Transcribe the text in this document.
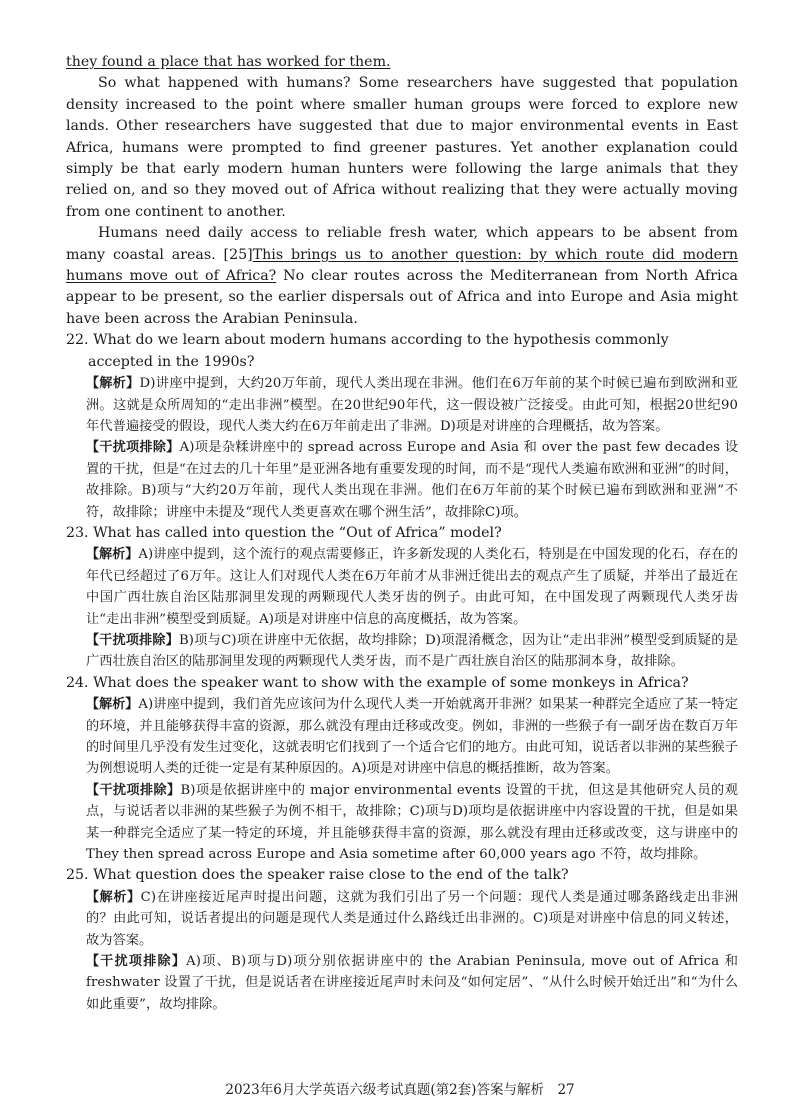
they found a place that has worked for them.

So what happened with humans? Some researchers have suggested that population density increased to the point where smaller human groups were forced to explore new lands. Other researchers have suggested that due to major environmental events in East Africa, humans were prompted to find greener pastures. Yet another explanation could simply be that early modern human hunters were following the large animals that they relied on, and so they moved out of Africa without realizing that they were actually moving from one continent to another.

Humans need daily access to reliable fresh water, which appears to be absent from many coastal areas. [25]This brings us to another question: by which route did modern humans move out of Africa? No clear routes across the Mediterranean from North Africa appear to be present, so the earlier dispersals out of Africa and into Europe and Asia might have been across the Arabian Peninsula.

22. What do we learn about modern humans according to the hypothesis commonly accepted in the 1990s?

【解析】D)讲座中提到，大约20万年前，现代人类出现在非洲。他们在6万年前的某个时候已遍布到欧洲和亚洲。这就是众所周知的“走出非洲”模型。在20世纪90年代，这一假设被广泛接受。由此可知，根据20世纪90年代普遍接受的假设，现代人类大约在6万年前走出了非洲。D)项是对讲座的合理概括，故为答案。

【干扰项排除】A)项是杂糅讲座中的 spread across Europe and Asia 和 over the past few decades 设置的干扰，但是“在过去的几十年里”是亚洲各地有重要发现的时间，而不是“现代人类遍布欧洲和亚洲”的时间，故排除。B)项与“大约20万年前，现代人类出现在非洲。他们在6万年前的某个时候已遍布到欧洲和亚洲”不符，故排除；讲座中未提及“现代人类更喜欢在哪个洲生活”，故排除C)项。

23. What has called into question the “Out of Africa” model?

【解析】A)讲座中提到，这个流行的观点需要修正，许多新发现的人类化石，特别是在中国发现的化石，存在的年代已经超过了6万年。这让人们对现代人类在6万年前才从非洲迁徙出去的观点产生了质疑，并举出了最近在中国广西壮族自治区陆那洞里发现的两颗现代人类牙齿的例子。由此可知，在中国发现了两颗现代人类牙齿让“走出非洲”模型受到质疑。A)项是对讲座中信息的高度概括，故为答案。

【干扰项排除】B)项与C)项在讲座中无依据，故均排除；D)项混淆概念，因为让“走出非洲”模型受到质疑的是广西壮族自治区的陆那洞里发现的两颗现代人类牙齿，而不是广西壮族自治区的陆那洞本身，故排除。

24. What does the speaker want to show with the example of some monkeys in Africa?

【解析】A)讲座中提到，我们首先应该问为什么现代人类一开始就离开非洲？如果某一种群完全适应了某一特定的环境，并且能够获得丰富的资源，那么就没有理由迁移或改变。例如，非洲的一些猴子有一副牙齿在数百万年的时间里几乎没有发生过变化，这就表明它们找到了一个适合它们的地方。由此可知，说话者以非洲的某些猴子为例想说明人类的迁徙一定是有某种原因的。A)项是对讲座中信息的概括推断，故为答案。

【干扰项排除】B)项是依据讲座中的 major environmental events 设置的干扰，但这是其他研究人员的观点，与说话者以非洲的某些猴子为例不相干，故排除；C)项与D)项均是依据讲座中内容设置的干扰，但是如果某一种群完全适应了某一特定的环境，并且能够获得丰富的资源，那么就没有理由迁移或改变，这与讲座中的 They then spread across Europe and Asia sometime after 60,000 years ago 不符，故均排除。

25. What question does the speaker raise close to the end of the talk?

【解析】C)在讲座接近尾声时提出问题，这就为我们引出了另一个问题：现代人类是通过哪条路线走出非洲的？由此可知，说话者提出的问题是现代人类是通过什么路线迁出非洲的。C)项是对讲座中信息的同义转述，故为答案。

【干扰项排除】A)项、B)项与D)项分别依据讲座中的 the Arabian Peninsula, move out of Africa 和 freshwater 设置了干扰，但是说话者在讲座接近尾声时未问及“如何定居”、“从什么时候开始迁出”和“为什么如此重要”，故均排除。

2023年6月大学英语六级考试真题(第2套)答案与解析　27
